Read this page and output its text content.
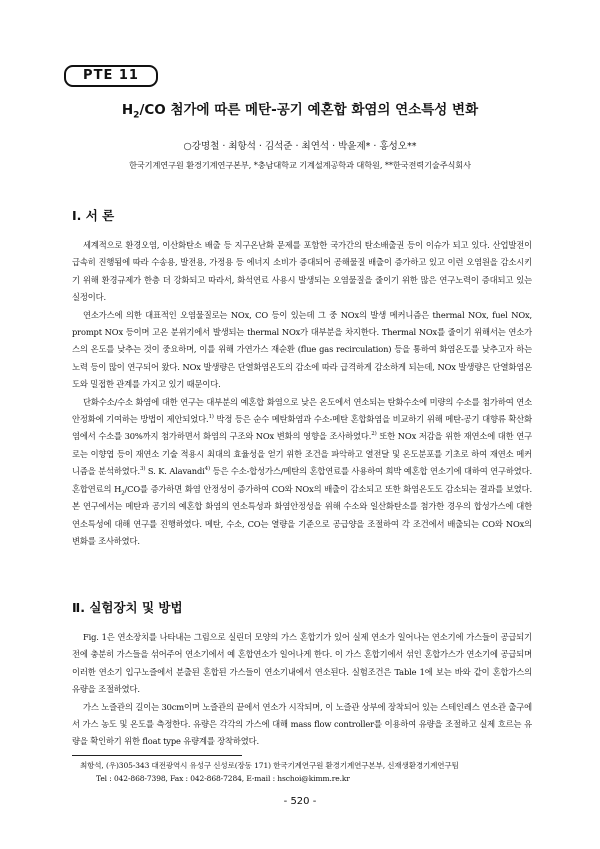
PTE 11
$H_2/CO$ 첨가에 따른 메탄-공기 예혼합 화염의 연소특성 변화
○강명철 · 최항석 · 김석준 · 최연석 · 박윤제* · 홍성오**
한국기계연구원 환경기계연구본부, *충남대학교 기계설계공학과 대학원, **한국전력기술주식회사
Ⅰ. 서 론

세계적으로 환경오염, 이산화탄소 배출 등 지구온난화 문제를 포함한 국가간의 탄소배출권 등이 이슈가 되고 있다. 산업발전이 급속히 진행됨에 따라 수송용, 발전용, 가정용 등 에너지 소비가 증대되어 공해물질 배출이 증가하고 있고 이런 오염원을 감소시키기 위해 환경규제가 한층 더 강화되고 따라서, 화석연료 사용시 발생되는 오염물질을 줄이기 위한 많은 연구노력이 증대되고 있는 실정이다.

연소가스에 의한 대표적인 오염물질로는 NOx, CO 등이 있는데 그 중 NOx의 발생 메커니즘은 thermal NOx, fuel NOx, prompt NOx 등이며 고온 분위기에서 발생되는 thermal NOx가 대부분을 차지한다. Thermal NOx를 줄이기 위해서는 연소가스의 온도를 낮추는 것이 중요하며, 이를 위해 가연가스 재순환 (flue gas recirculation) 등을 통하여 화염온도를 낮추고자 하는 노력 등이 많이 연구되어 왔다. NOx 발생량은 단열화염온도의 감소에 따라 급격하게 감소하게 되는데, NOx 발생량은 단열화염온도와 밀접한 관계를 가지고 있기 때문이다.

단화수소/수소 화염에 대한 연구는 대부분의 예혼합 화염으로 낮은 온도에서 연소되는 탄화수소에 미량의 수소를 첨가하여 연소 안정화에 기여하는 방법이 제안되었다.$^{1)}$ 박정 등은 순수 메탄화염과 수소-메탄 혼합화염을 비교하기 위해 메탄-공기 대향류 확산화염에서 수소를 30%까지 첨가하면서 화염의 구조와 NOx 변화의 영향을 조사하였다.$^{2)}$ 또한 NOx 저감을 위한 재연소에 대한 연구로는 이향엽 등이 재연소 기술 적용시 최대의 효율성을 얻기 위한 조건을 파악하고 열전달 및 온도분포를 기초로 하여 재연소 메커니즘을 분석하였다.$^{3)}$ S. K. Alavandi$^{4)}$ 등은 수소-합성가스/메탄의 혼합연료를 사용하여 희박 예혼합 연소기에 대하여 연구하였다. 혼합연료의 $H_2/CO$를 증가하면 화염 안정성이 증가하여 CO와 NOx의 배출이 감소되고 또한 화염온도도 감소되는 결과를 보였다. 본 연구에서는 메탄과 공기의 예혼합 화염의 연소특성과 화염안정성을 위해 수소와 일산화탄소를 첨가한 경우의 합성가스에 대한 연소특성에 대해 연구를 진행하였다. 메탄, 수소, CO는 열량을 기준으로 공급양을 조절하여 각 조건에서 배출되는 CO와 NOx의 변화를 조사하였다.

Ⅱ. 실험장치 및 방법

Fig. 1은 연소장치를 나타내는 그림으로 실린더 모양의 가스 혼합기가 있어 실제 연소가 일어나는 연소기에 가스들이 공급되기 전에 충분히 가스들을 섞어주어 연소기에서 예 혼합연소가 일어나게 한다. 이 가스 혼합기에서 섞인 혼합가스가 연소기에 공급되며 이러한 연소기 입구노즐에서 분출된 혼합된 가스들이 연소기내에서 연소된다. 실험조건은 Table 1에 보는 바와 같이 혼합가스의 유량을 조절하였다.

가스 노즐관의 길이는 30cm이며 노즐관의 끝에서 연소가 시작되며, 이 노즐관 상부에 장착되어 있는 스테인레스 연소관 출구에서 가스 농도 및 온도를 측정한다. 유량은 각각의 가스에 대해 mass flow controller를 이용하여 유량을 조절하고 실제 흐르는 유량을 확인하기 위한 float type 유량계를 장착하였다.

최항석, (우)305-343 대전광역시 유성구 신성로(장동 171) 한국기계연구원 환경기계연구본부, 신재생환경기계연구팀
Tel : 042-868-7398, Fax : 042-868-7284, E-mail : hschoi@kimm.re.kr
- 520 -
